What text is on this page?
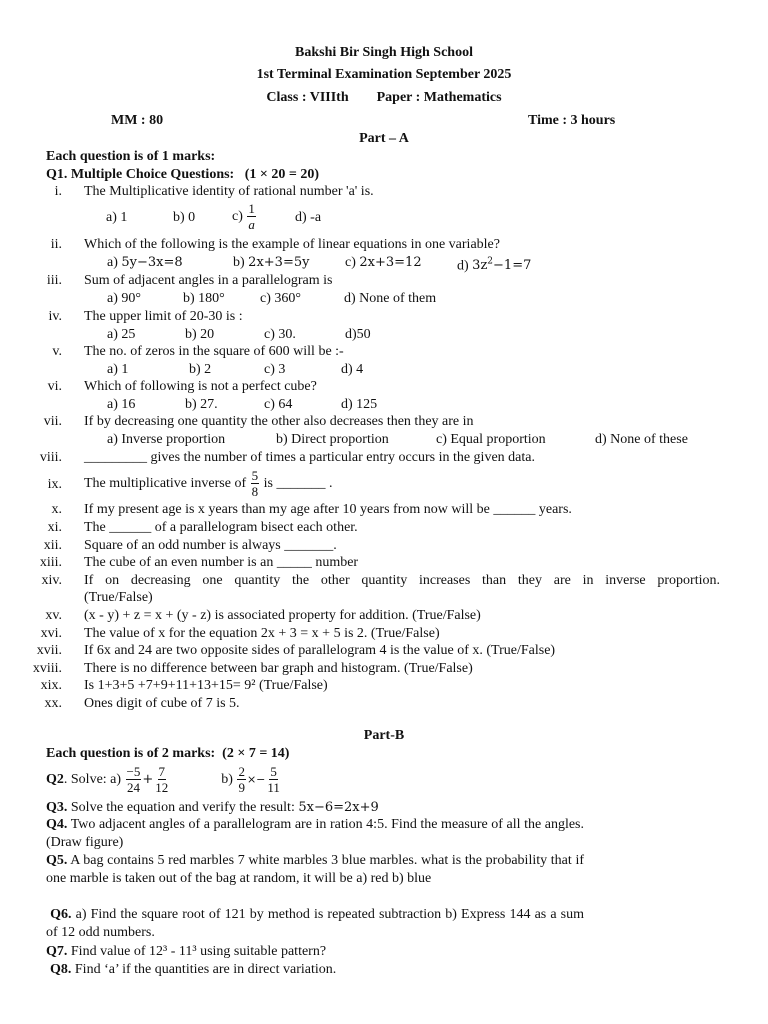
Bakshi Bir Singh High School
1st Terminal Examination September 2025
Class : VIIIth        Paper : Mathematics
MM : 80	Time : 3 hours
Part – A
Each question is of 1 marks:
Q1. Multiple Choice Questions:   (1 × 20 = 20)
i. The Multiplicative identity of rational number 'a' is.
a) 1	b) 0	$c) \frac{1}{a}$	d) -a
ii. Which of the following is the example of linear equations in one variable?
a) 5y−3x=8	b) 2x+3=5y	c) 2x+3=12	d) $3z^2-1=7$
iii. Sum of adjacent angles in a parallelogram is
a) 90°	b) 180°	c) 360°	d) None of them
iv. The upper limit of 20-30 is :
a) 25	b) 20	c) 30.	d)50
v. The no. of zeros in the square of 600 will be :-
a) 1	b) 2	c) 3	d) 4
vi. Which of following is not a perfect cube?
a) 16	b) 27.	c) 64	d) 125
vii. If by decreasing one quantity the other also decreases then they are in
a) Inverse proportion	b) Direct proportion	c) Equal proportion	d) None of these
viii. _________ gives the number of times a particular entry occurs in the given data.
ix. The multiplicative inverse of $\frac{5}{8}$ is _______ .
x. If my present age is x years than my age after 10 years from now will be ______ years.
xi. The ______ of a parallelogram bisect each other.
xii. Square of an odd number is always _______.
xiii. The cube of an even number is an _____ number
xiv. If on decreasing one quantity the other quantity increases than they are in inverse proportion.
(True/False)
xv. (x - y) + z = x + (y - z) is associated property for addition. (True/False)
xvi. The value of x for the equation 2x + 3 = x + 5 is 2. (True/False)
xvii. If 6x and 24 are two opposite sides of parallelogram 4 is the value of x. (True/False)
xviii. There is no difference between bar graph and histogram. (True/False)
xix. Is 1+3+5 +7+9+11+13+15= 9² (True/False)
xx. Ones digit of cube of 7 is 5.
Part-B
Each question is of 2 marks:  (2 × 7 = 14)
Q2. Solve: $a) \frac{-5}{24} + \frac{7}{12}$	$b) \frac{2}{9} \times- \frac{5}{11}$
Q3. Solve the equation and verify the result: 5x−6=2x+9
Q4. Two adjacent angles of a parallelogram are in ration 4:5. Find the measure of all the angles.(Draw figure)
Q5. A bag contains 5 red marbles 7 white marbles 3 blue marbles. what is the probability that if one marble is taken out of the bag at random, it will be a) red b) blue
Q6. a) Find the square root of 121 by method is repeated subtraction b) Express 144 as a sum of 12 odd numbers.
Q7. Find value of 12³ - 11³ using suitable pattern?
Q8. Find ‘a’ if the quantities are in direct variation.
